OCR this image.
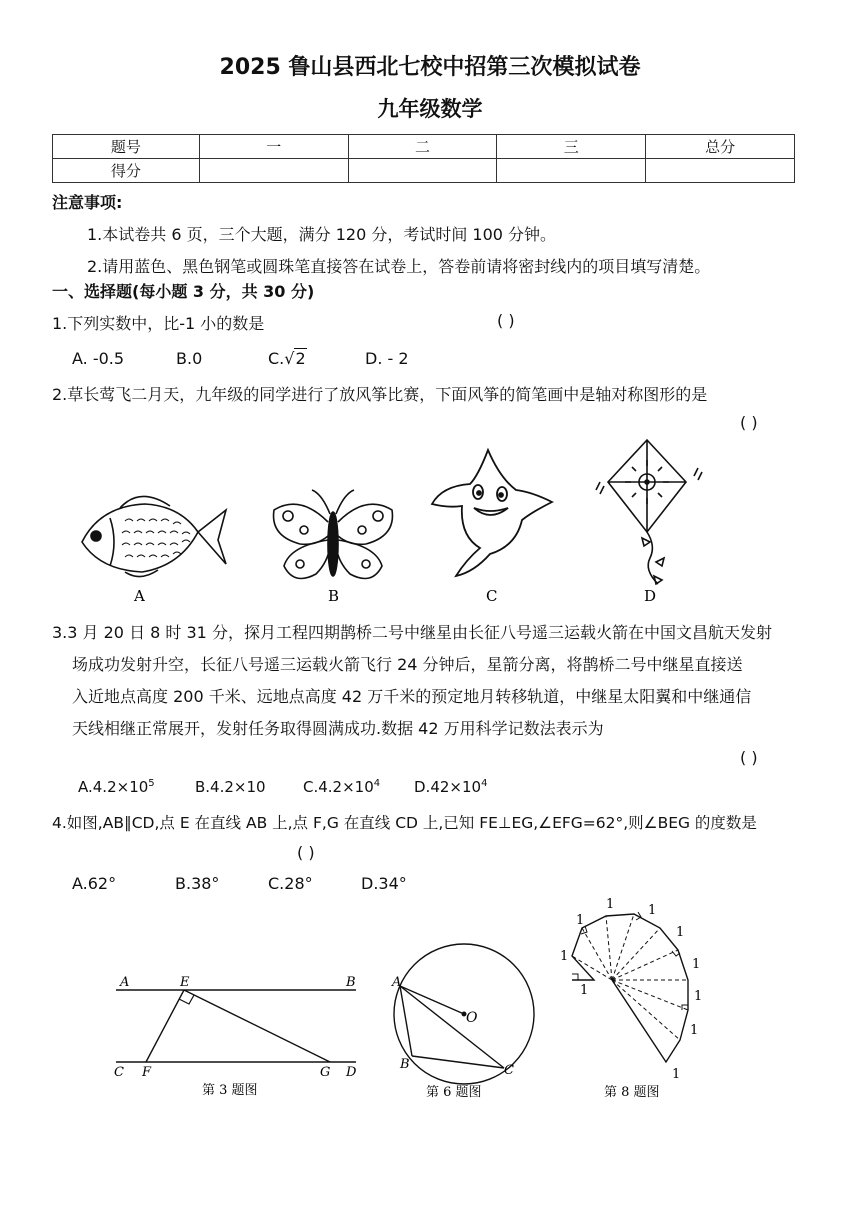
2025 鲁山县西北七校中招第三次模拟试卷
九年级数学
题号	一	二	三	总分
得分				
注意事项:
1.本试卷共 6 页，三个大题，满分 120 分，考试时间 100 分钟。
2.请用蓝色、黑色钢笔或圆珠笔直接答在试卷上，答卷前请将密封线内的项目填写清楚。
一、选择题(每小题 3 分，共 30 分)
1.下列实数中，比-1 小的数是	( )
A. -0.5	B.0	C.√2	D. - 2
2.草长莺飞二月天，九年级的同学进行了放风筝比赛，下面风筝的简笔画中是轴对称图形的是
( )
A	B	C	D
3.3 月 20 日 8 时 31 分，探月工程四期鹊桥二号中继星由长征八号遥三运载火箭在中国文昌航天发射
场成功发射升空，长征八号遥三运载火箭飞行 24 分钟后，星箭分离，将鹊桥二号中继星直接送
入近地点高度 200 千米、远地点高度 42 万千米的预定地月转移轨道，中继星太阳翼和中继通信
天线相继正常展开，发射任务取得圆满成功.数据 42 万用科学记数法表示为
( )
$A.4.2\times 10^5$	B.4.2×10 $C.4.2\times 10^4$ $D.42\times 10^4$
4.如图,AB∥CD,点 E 在直线 AB 上,点 F,G 在直线 CD 上,已知 FE⊥EG,∠EFG=62°,则∠BEG 的度数是
( )
A.62°	B.38°	C.28°	D.34°
A	E	B
C F	G D
第 3 题图
A
O
B	C
第 6 题图
1
1	1
1
1
1
1
1
1
1
第 8 题图
